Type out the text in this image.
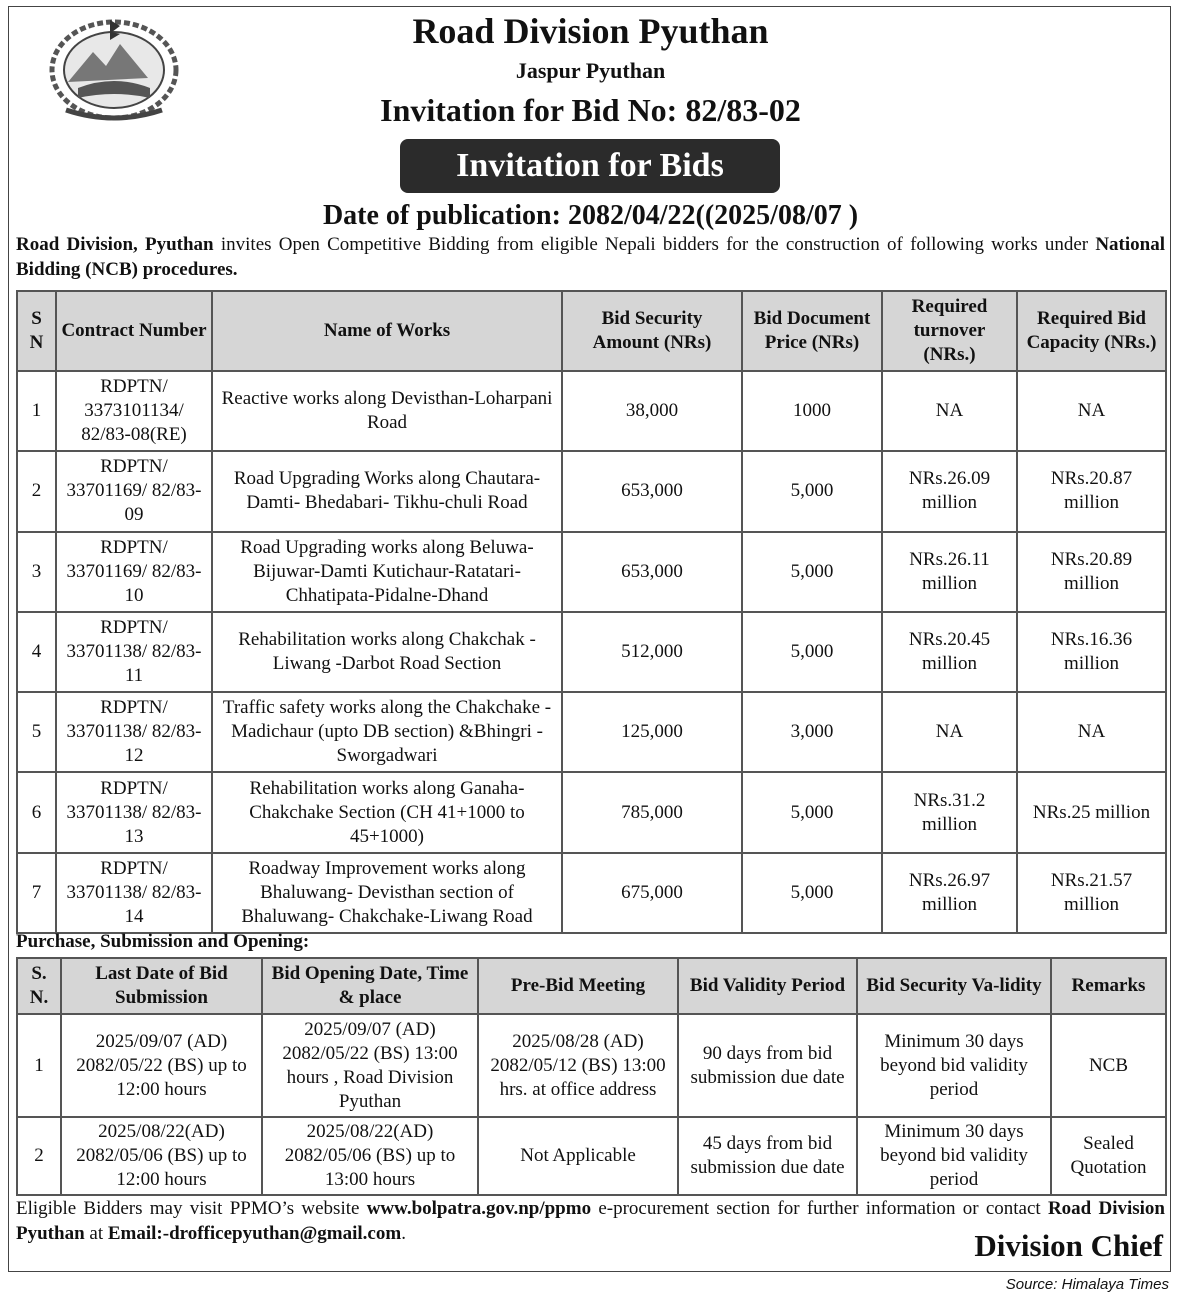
Road Division Pyuthan
Jaspur Pyuthan
Invitation for Bid No: 82/83-02
Invitation for Bids
Date of publication: 2082/04/22((2025/08/07 )
Road Division, Pyuthan invites Open Competitive Bidding from eligible Nepali bidders for the construction of following works under National Bidding (NCB) procedures.
S N	Contract Number	Name of Works	Bid Security Amount (NRs)	Bid Document Price (NRs)	Required turnover (NRs.)	Required Bid Capacity (NRs.)
1	RDPTN/ 3373101134/ 82/83-08(RE)	Reactive works along Devisthan-Loharpani Road	38,000	1000	NA	NA
2	RDPTN/ 33701169/ 82/83-09	Road Upgrading Works along Chautara- Damti- Bhedabari- Tikhu-chuli Road	653,000	5,000	NRs.26.09 million	NRs.20.87 million
3	RDPTN/ 33701169/ 82/83-10	Road Upgrading works along Beluwa-Bijuwar-Damti Kutichaur-Ratatari-Chhatipata-Pidalne-Dhand	653,000	5,000	NRs.26.11 million	NRs.20.89 million
4	RDPTN/ 33701138/ 82/83-11	Rehabilitation works along Chakchak - Liwang -Darbot Road Section	512,000	5,000	NRs.20.45 million	NRs.16.36 million
5	RDPTN/ 33701138/ 82/83-12	Traffic safety works along the Chakchake -Madichaur (upto DB section) &Bhingri - Sworgadwari	125,000	3,000	NA	NA
6	RDPTN/ 33701138/ 82/83-13	Rehabilitation works along Ganaha-Chakchake Section (CH 41+1000 to 45+1000)	785,000	5,000	NRs.31.2 million	NRs.25 million
7	RDPTN/ 33701138/ 82/83-14	Roadway Improvement works along Bhaluwang- Devisthan section of Bhaluwang- Chakchake-Liwang Road	675,000	5,000	NRs.26.97 million	NRs.21.57 million
Purchase, Submission and Opening:
S. N.	Last Date of Bid Submission	Bid Opening Date, Time & place	Pre-Bid Meeting	Bid Validity Period	Bid Security Va-lidity	Remarks
1	2025/09/07 (AD) 2082/05/22 (BS) up to 12:00 hours	2025/09/07 (AD) 2082/05/22 (BS) 13:00 hours , Road Division Pyuthan	2025/08/28 (AD) 2082/05/12 (BS) 13:00 hrs. at office address	90 days from bid submission due date	Minimum 30 days beyond bid validity period	NCB
2	2025/08/22(AD) 2082/05/06 (BS) up to 12:00 hours	2025/08/22(AD) 2082/05/06 (BS) up to 13:00 hours	Not Applicable	45 days from bid submission due date	Minimum 30 days beyond bid validity period	Sealed Quotation
Eligible Bidders may visit PPMO’s website www.bolpatra.gov.np/ppmo e-procurement section for further information or contact Road Division Pyuthan at Email:-drofficepyuthan@gmail.com.	Division Chief
Source: Himalaya Times
